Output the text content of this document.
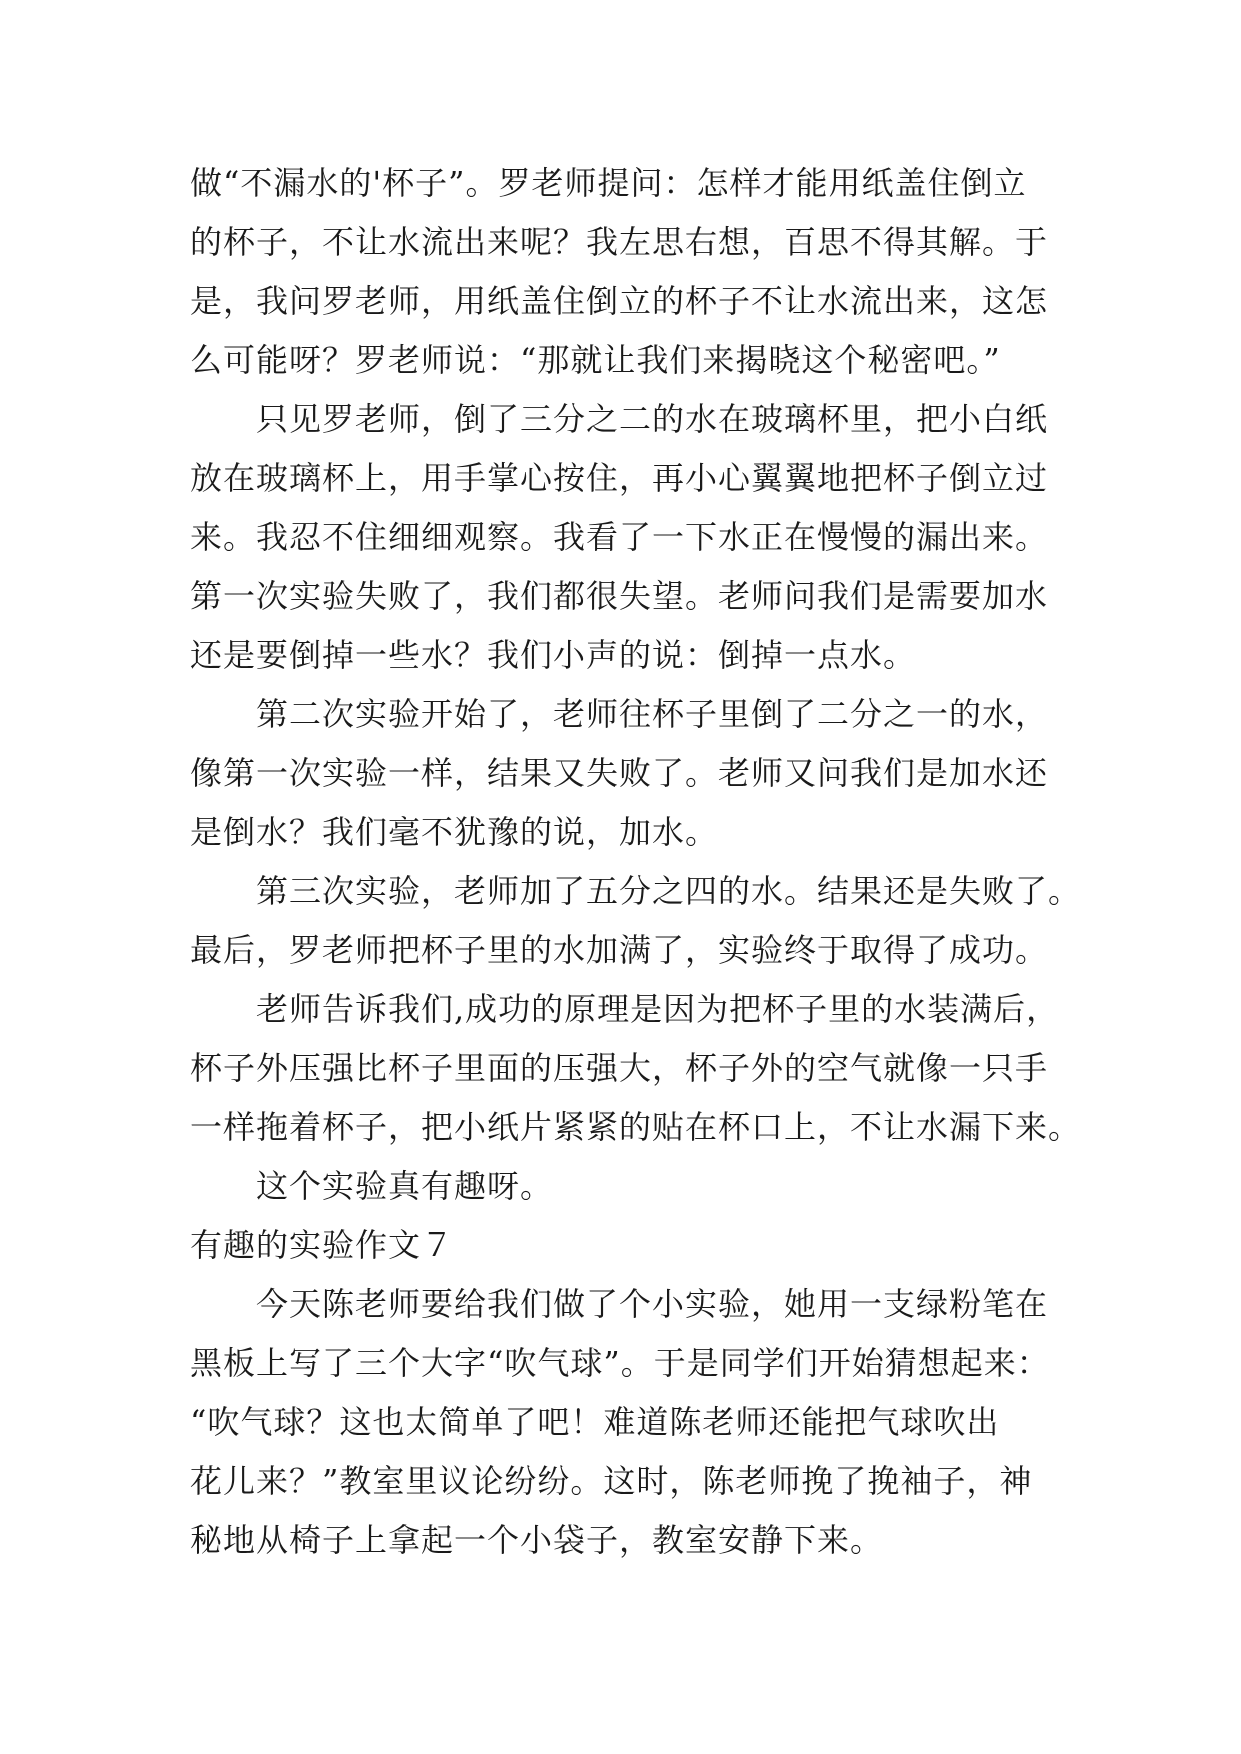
做“不漏水的'杯子”。罗老师提问：怎样才能用纸盖住倒立
的杯子，不让水流出来呢？我左思右想，百思不得其解。于
是，我问罗老师，用纸盖住倒立的杯子不让水流出来，这怎
么可能呀？罗老师说：“那就让我们来揭晓这个秘密吧。”
只见罗老师，倒了三分之二的水在玻璃杯里，把小白纸
放在玻璃杯上，用手掌心按住，再小心翼翼地把杯子倒立过
来。我忍不住细细观察。我看了一下水正在慢慢的漏出来。
第一次实验失败了，我们都很失望。老师问我们是需要加水
还是要倒掉一些水？我们小声的说：倒掉一点水。
第二次实验开始了，老师往杯子里倒了二分之一的水，
像第一次实验一样，结果又失败了。老师又问我们是加水还
是倒水？我们毫不犹豫的说，加水。
第三次实验，老师加了五分之四的水。结果还是失败了。
最后，罗老师把杯子里的水加满了，实验终于取得了成功。
老师告诉我们,成功的原理是因为把杯子里的水装满后，
杯子外压强比杯子里面的压强大，杯子外的空气就像一只手
一样拖着杯子，把小纸片紧紧的贴在杯口上，不让水漏下来。
这个实验真有趣呀。
有趣的实验作文７
今天陈老师要给我们做了个小实验，她用一支绿粉笔在
黑板上写了三个大字“吹气球”。于是同学们开始猜想起来：
“吹气球？这也太简单了吧！难道陈老师还能把气球吹出
花儿来？”教室里议论纷纷。这时，陈老师挽了挽袖子，神
秘地从椅子上拿起一个小袋子，教室安静下来。
